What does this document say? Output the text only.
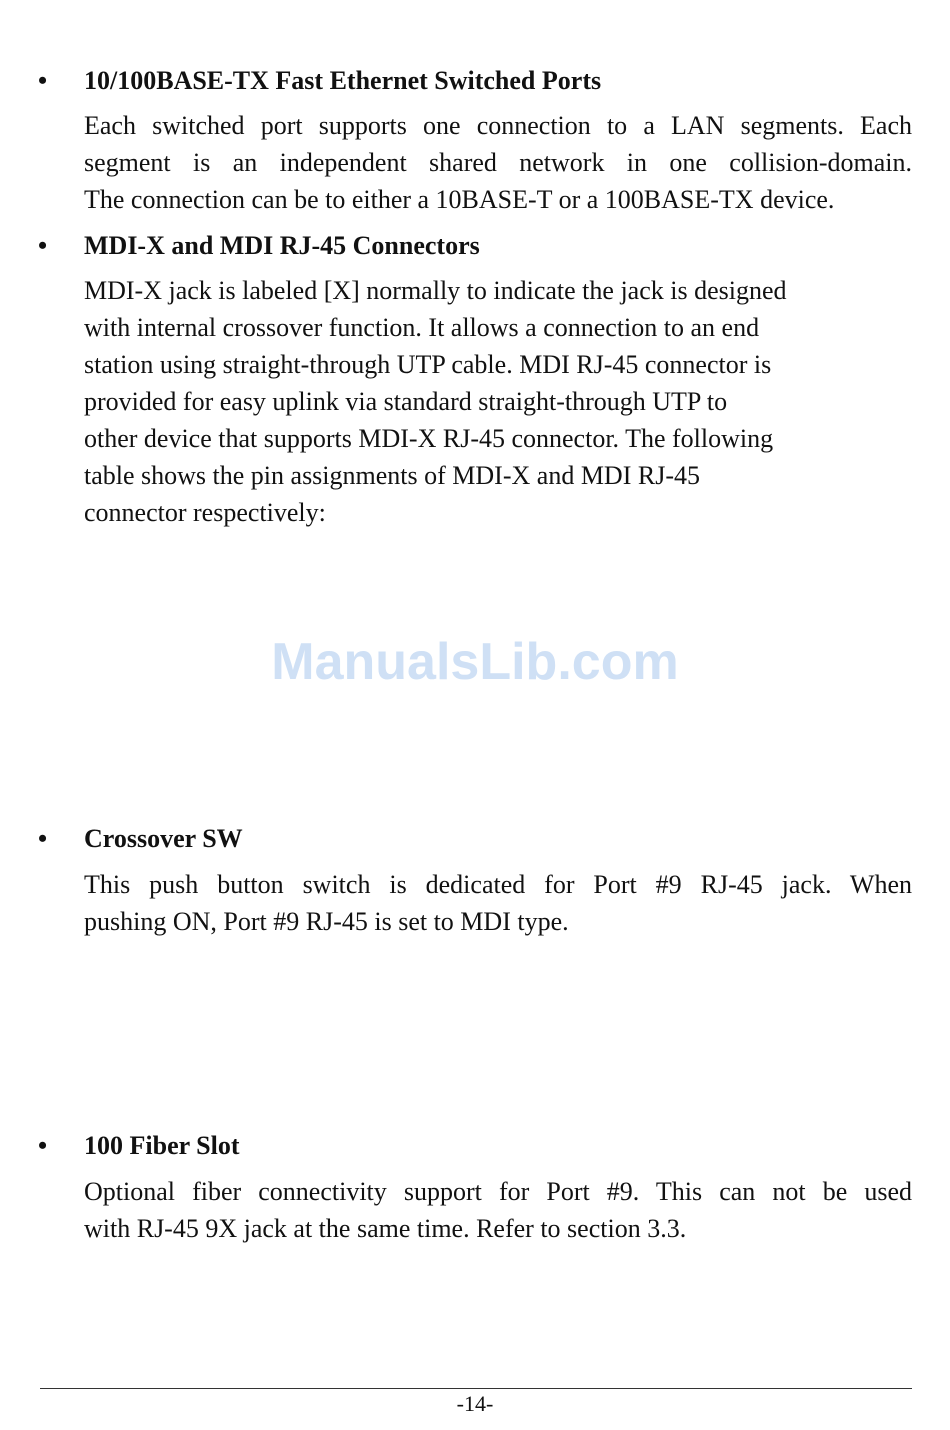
• 10/100BASE-TX Fast Ethernet Switched Ports

Each switched port supports one connection to a LAN segments. Each
segment is an independent shared network in one collision-domain.
The connection can be to either a 10BASE-T or a 100BASE-TX device.

• MDI-X and MDI RJ-45 Connectors

MDI-X jack is labeled [X] normally to indicate the jack is designed
with internal crossover function. It allows a connection to an end
station using straight-through UTP cable. MDI RJ-45 connector is
provided for easy uplink via standard straight-through UTP to
other device that supports MDI-X RJ-45 connector. The following
table shows the pin assignments of MDI-X and MDI RJ-45
connector respectively:

ManualsLib.com
• Crossover SW

This push button switch is dedicated for Port #9 RJ-45 jack. When
pushing ON, Port #9 RJ-45 is set to MDI type.

• 100 Fiber Slot

Optional fiber connectivity support for Port #9. This can not be used
with RJ-45 9X jack at the same time. Refer to section 3.3.

-14-
